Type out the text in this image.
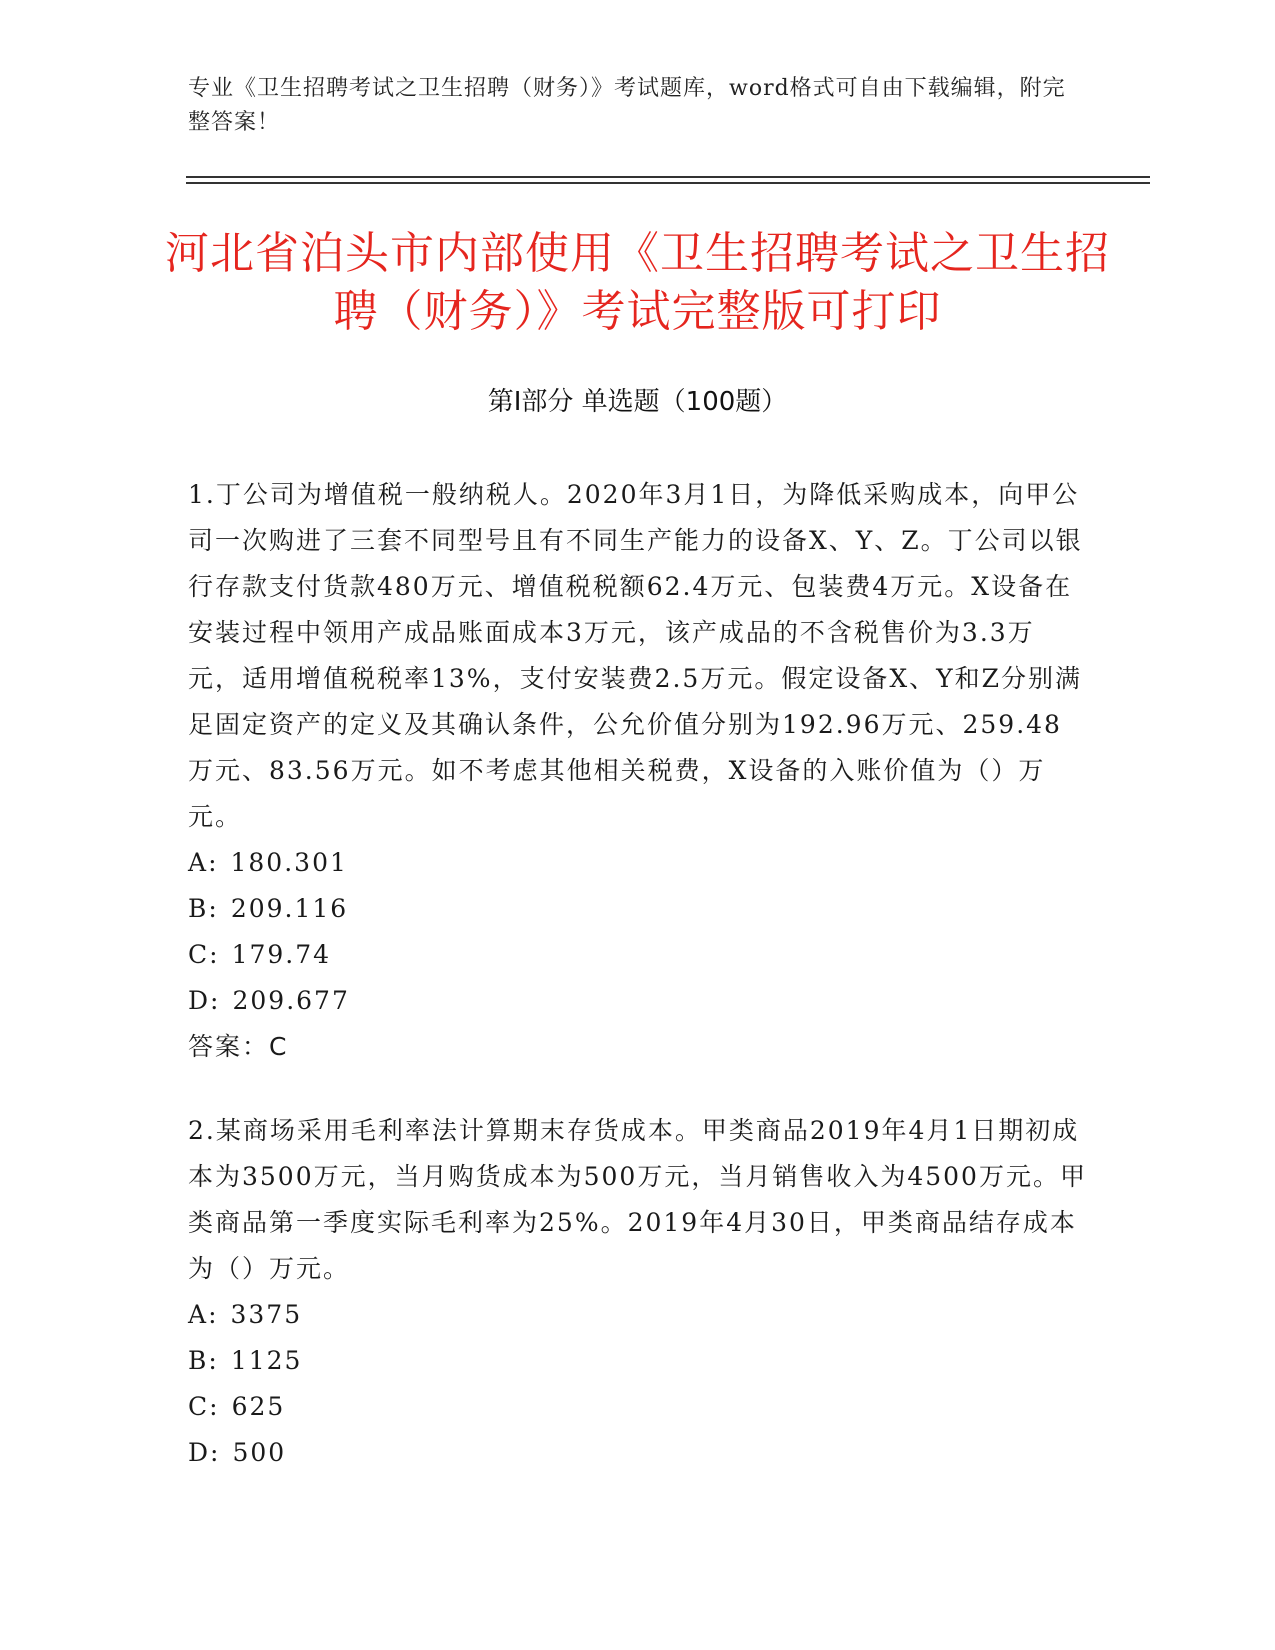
专业《卫生招聘考试之卫生招聘（财务）》考试题库，word格式可自由下载编辑，附完整答案！
河北省泊头市内部使用《卫生招聘考试之卫生招聘（财务）》考试完整版可打印
第Ⅰ部分 单选题（100题）

1.丁公司为增值税一般纳税人。2020年3月1日，为降低采购成本，向甲公司一次购进了三套不同型号且有不同生产能力的设备X、Y、Z。丁公司以银行存款支付货款480万元、增值税税额62.4万元、包装费4万元。X设备在安装过程中领用产成品账面成本3万元，该产成品的不含税售价为3.3万元，适用增值税税率13%，支付安装费2.5万元。假定设备X、Y和Z分别满足固定资产的定义及其确认条件，公允价值分别为192.96万元、259.48万元、83.56万元。如不考虑其他相关税费，X设备的入账价值为（）万元。

A: 180.301

B: 209.116

C: 179.74

D: 209.677

答案：C

2.某商场采用毛利率法计算期末存货成本。甲类商品2019年4月1日期初成本为3500万元，当月购货成本为500万元，当月销售收入为4500万元。甲类商品第一季度实际毛利率为25%。2019年4月30日，甲类商品结存成本为（）万元。

A: 3375

B: 1125

C: 625

D: 500
